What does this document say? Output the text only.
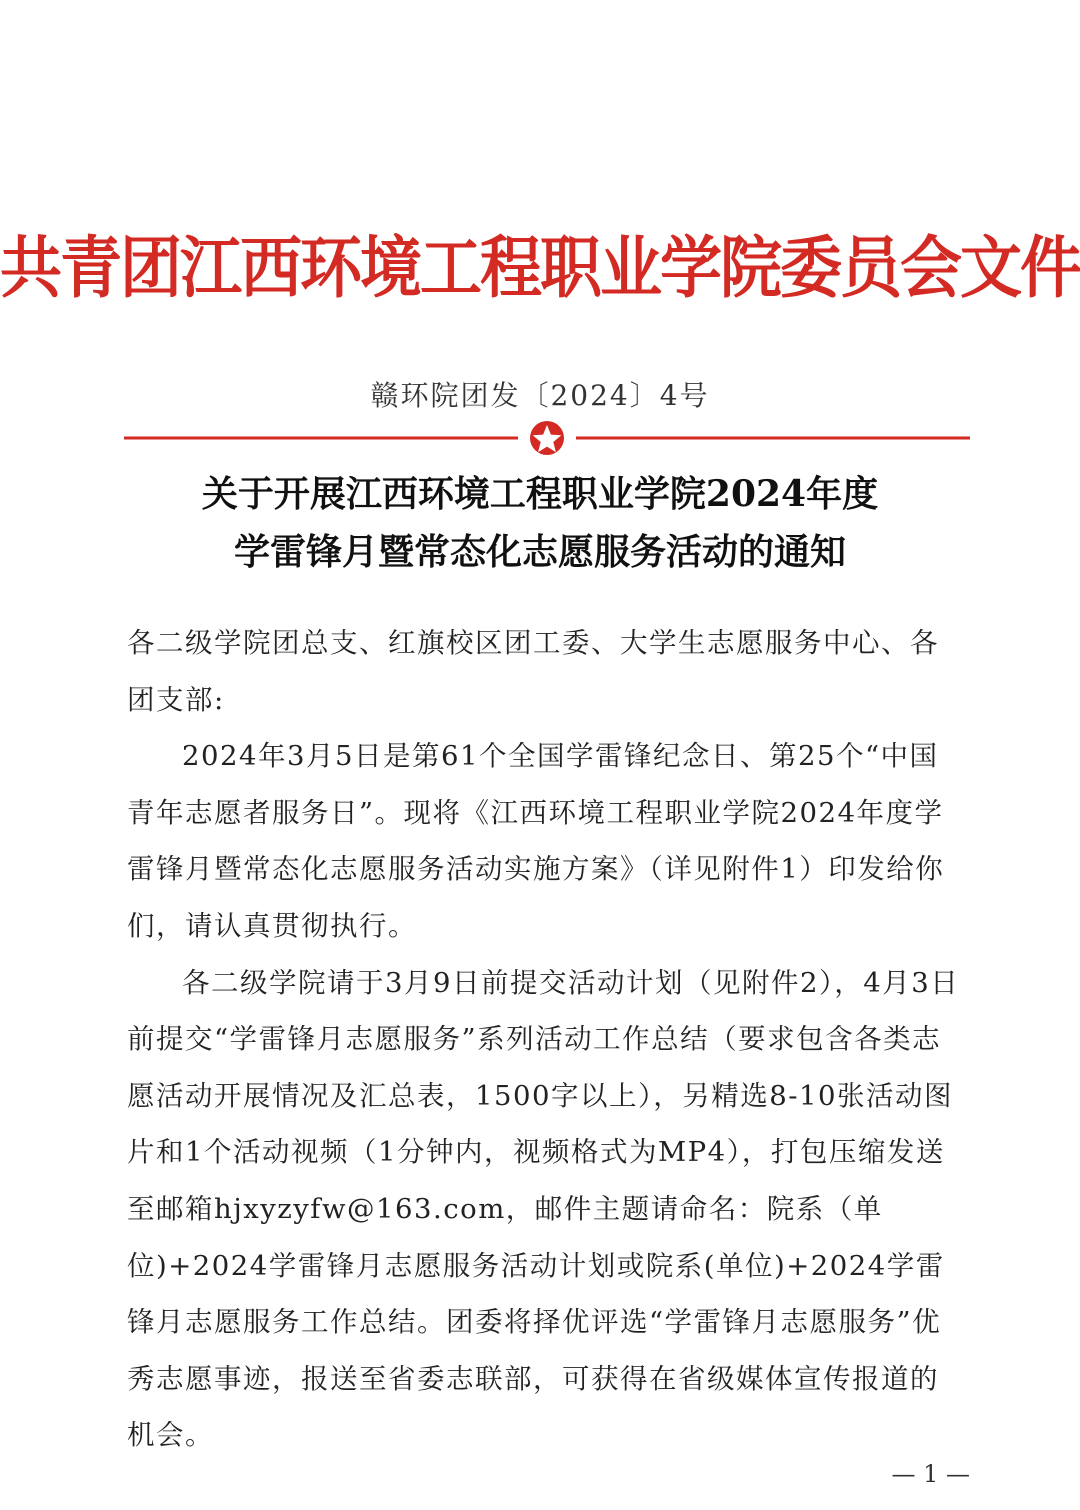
共青团江西环境工程职业学院委员会文件
赣环院团发〔2024〕4号
关于开展江西环境工程职业学院2024年度
学雷锋月暨常态化志愿服务活动的通知

各二级学院团总支、红旗校区团工委、大学生志愿服务中心、各团支部:

2024年3月5日是第61个全国学雷锋纪念日、第25个“中国青年志愿者服务日”。现将《江西环境工程职业学院2024年度学雷锋月暨常态化志愿服务活动实施方案》（详见附件1）印发给你们，请认真贯彻执行。

各二级学院请于3月9日前提交活动计划（见附件2），4月3日前提交“学雷锋月志愿服务”系列活动工作总结（要求包含各类志愿活动开展情况及汇总表，1500字以上），另精选8-10张活动图片和1个活动视频（1分钟内，视频格式为MP4），打包压缩发送至邮箱hjxyzyfw@163.com，邮件主题请命名：院系（单位)+2024学雷锋月志愿服务活动计划或院系(单位)+2024学雷锋月志愿服务工作总结。团委将择优评选“学雷锋月志愿服务”优秀志愿事迹，报送至省委志联部，可获得在省级媒体宣传报道的机会。

— 1 —
